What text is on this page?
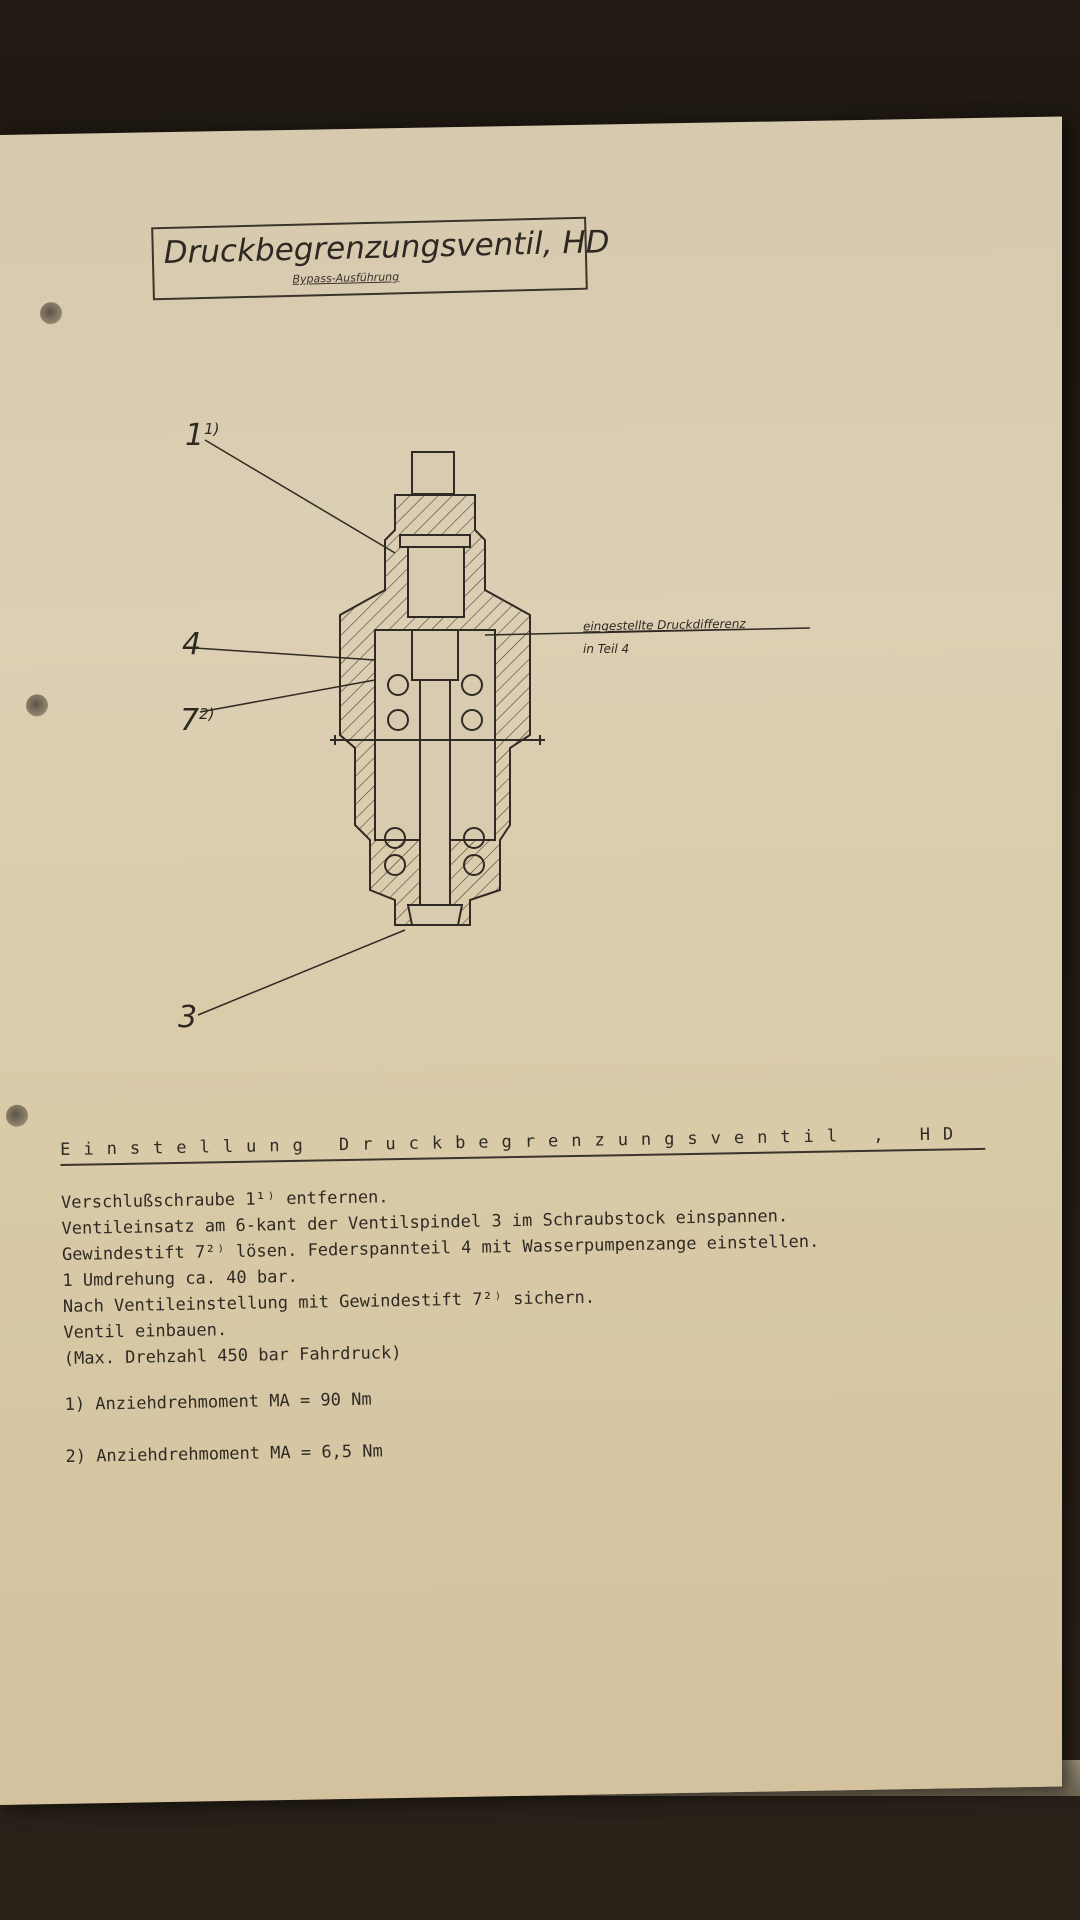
Druckbegrenzungsventil, HD
Bypass-Ausführung
1$^{1)}$
4
7$^{2)}$
3
eingestellte Druckdifferenz
in Teil 4
Einstellung Druckbegrenzungsventil , HD
Verschlußschraube 1¹⁾ entfernen.
Ventileinsatz am 6-kant der Ventilspindel 3 im Schraubstock einspannen.
Gewindestift 7²⁾ lösen. Federspannteil 4 mit Wasserpumpenzange einstellen.
1 Umdrehung ca. 40 bar.
Nach Ventileinstellung mit Gewindestift 7²⁾ sichern.
Ventil einbauen.
(Max. Drehzahl 450 bar Fahrdruck)
1) Anziehdrehmoment MA = 90 Nm
2) Anziehdrehmoment MA = 6,5 Nm
